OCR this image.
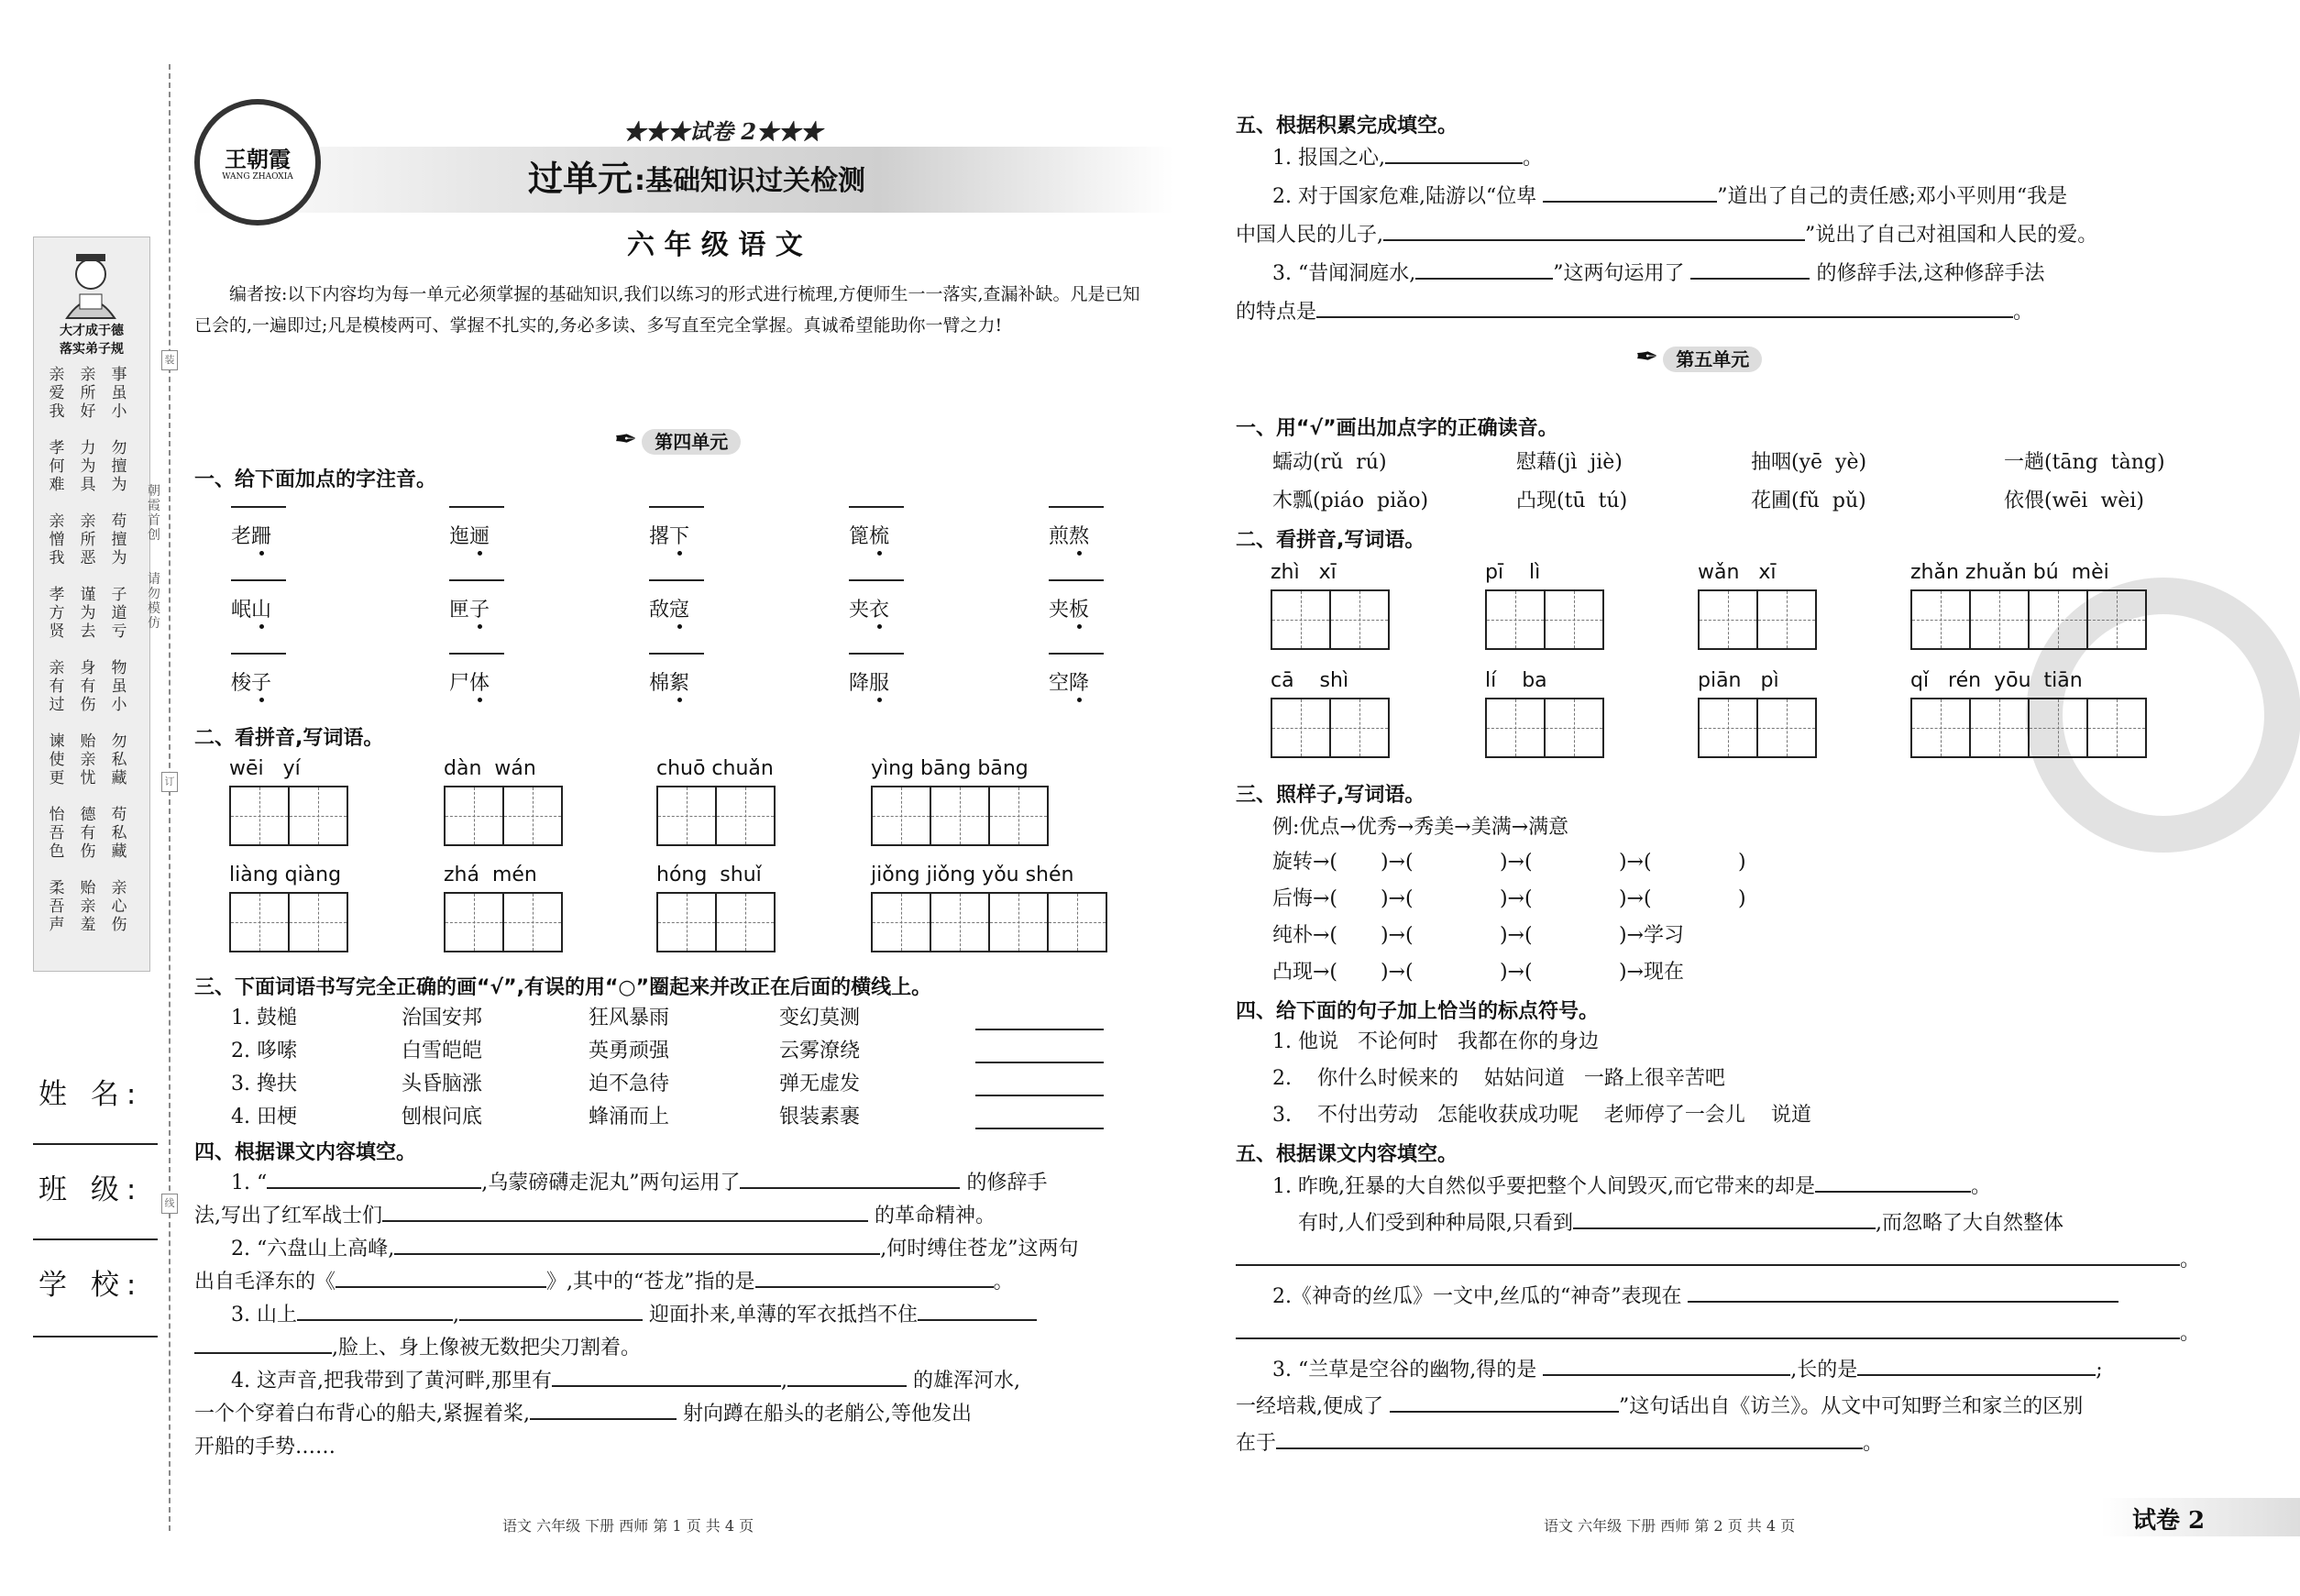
大才成于德
落实弟子规
亲爱我
亲所好
事虽小
孝何难
力为具
勿擅为
亲憎我
亲所恶
苟擅为
孝方贤
谨为去
子道亏
亲有过
身有伤
物虽小
谏使更
贻亲忧
勿私藏
怡吾色
德有伤
苟私藏
柔吾声
贻亲羞
亲心伤
朝霞首创
请勿模仿
装
订
线
姓 名:
班 级:
学 校:
王朝霞
WANG ZHAOXIA
★★★试卷 2★★★
过单元 :基础知识过关检测
六 年 级 语 文
编者按:以下内容均为每一单元必须掌握的基础知识,我们以练习的形式进行梳理,方便师生一一落实,查漏补缺。凡是已知已会的,一遍即过;凡是模棱两可、掌握不扎实的,务必多读、多写直至完全掌握。真诚希望能助你一臂之力!
✒ 第四单元
一、给下面加点的字注音。
老跚	迤逦	撂下	篦梳	煎熬
岷山	匣子	敌寇	夹衣	夹板
梭子	尸体	棉絮	降服	空降
二、看拼音,写词语。
wēi   yí	dàn  wán	chuō chuǎn	yìng bāng bāng
liàng qiàng	zhá  mén	hóng  shuǐ	jiǒng jiǒng yǒu shén
三、下面词语书写完全正确的画“√”,有误的用“○”圈起来并改正在后面的横线上。
1. 鼓槌	治国安邦	狂风暴雨	变幻莫测
2. 哆嗦	白雪皑皑	英勇顽强	云雾潦绕
3. 搀扶	头昏脑涨	迫不急待	弹无虚发
4. 田梗	刨根问底	蜂涌而上	银装素裹
四、根据课文内容填空。
1. “	,乌蒙磅礴走泥丸”两句运用了	的修辞手
法,写出了红军战士们	的革命精神。
2. “六盘山上高峰,	,何时缚住苍龙”这两句
出自毛泽东的《	》,其中的“苍龙”指的是	。
3. 山上	,	迎面扑来,单薄的军衣抵挡不住
,脸上、身上像被无数把尖刀割着。
4. 这声音,把我带到了黄河畔,那里有	,	的雄浑河水,
一个个穿着白布背心的船夫,紧握着桨,	射向蹲在船头的老艄公,等他发出
开船的手势……
语文 六年级 下册 西师 第 1 页 共 4 页
五、根据积累完成填空。
1. 报国之心,	。
2. 对于国家危难,陆游以“位卑	”道出了自己的责任感;邓小平则用“我是
中国人民的儿子,	”说出了自己对祖国和人民的爱。
3. “昔闻洞庭水,	”这两句运用了	的修辞手法,这种修辞手法
的特点是	。
✒ 第五单元
一、用“√”画出加点字的正确读音。
蠕动(rǔ  rú)	慰藉(jì  jiè)	抽咽(yē  yè)	一趟(tāng  tàng)
木瓢(piáo  piǎo)	凸现(tū  tú)	花圃(fǔ  pǔ)	依偎(wēi  wèi)
二、看拼音,写词语。
zhì   xī	pī    lì	wǎn   xī	zhǎn zhuǎn bú  mèi
cā    shì	lí    ba	piān   pì	qǐ   rén  yōu  tiān
三、照样子,写词语。
例:优点→优秀→秀美→美满→满意
旋转→( )→(	)→(	)→(	)
后悔→( )→(	)→(	)→(	)
纯朴→( )→(	)→(	)→学习
凸现→( )→(	)→(	)→现在
四、给下面的句子加上恰当的标点符号。
1. 他说   不论何时   我都在你的身边
2.    你什么时候来的    姑姑问道   一路上很辛苦吧
3.    不付出劳动   怎能收获成功呢    老师停了一会儿    说道
五、根据课文内容填空。
1. 昨晚,狂暴的大自然似乎要把整个人间毁灭,而它带来的却是	。
有时,人们受到种种局限,只看到	,而忽略了大自然整体
。
2.《神奇的丝瓜》一文中,丝瓜的“神奇”表现在
。
3. “兰草是空谷的幽物,得的是	,长的是	;
一经培栽,便成了	”这句话出自《访兰》。从文中可知野兰和家兰的区别
在于	。
语文 六年级 下册 西师 第 2 页 共 4 页	试卷 2
